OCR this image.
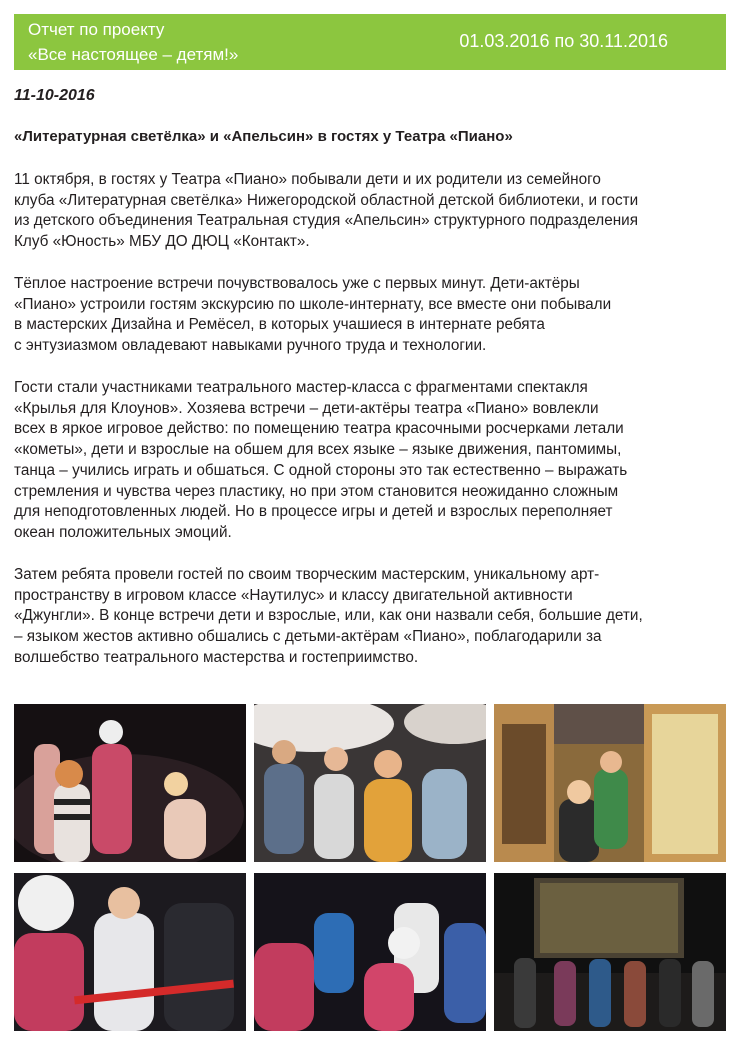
Отчет по проекту
«Все настоящее – детям!»
01.03.2016 по 30.11.2016
11-10-2016
«Литературная светёлка» и «Апельсин» в гостях у Театра «Пиано»

11 октября, в гостях у Театра «Пиано» побывали дети и их родители из семейного
клуба «Литературная светёлка» Нижегородской областной детской библиотеки, и гости
из детского объединения Театральная студия «Апельсин» структурного подразделения
Клуб «Юность» МБУ ДО ДЮЦ «Контакт».

Тёплое настроение встречи почувствовалось уже с первых минут. Дети-актёры
«Пиано» устроили гостям экскурсию по школе-интернату, все вместе они побывали
в мастерских Дизайна и Ремёсел, в которых учашиеся в интернате ребята
с энтузиазмом овладевают навыками ручного труда и технологии.

Гости стали участниками театрального мастер-класса с фрагментами спектакля
«Крылья для Клоунов». Хозяева встречи – дети-актёры театра «Пиано» вовлекли
всех в яркое игровое действо: по помещению театра красочными росчерками летали
«кометы», дети и взрослые на обшем для всех языке – языке движения, пантомимы,
танца – учились играть и обшаться. С одной стороны это так естественно – выражать
стремления и чувства через пластику, но при этом становится неожиданно сложным
для неподготовленных людей. Но в процессе игры и детей и взрослых переполняет
океан положительных эмоций.

Затем ребята провели гостей по своим творческим мастерским, уникальному арт-
пространству в игровом классе «Наутилус» и классу двигательной активности
«Джунгли». В конце встречи дети и взрослые, или, как они назвали себя, большие дети,
– языком жестов активно обшались с детьми-актёрам «Пиано», поблагодарили за
волшебство театрального мастерства и гостеприимство.
